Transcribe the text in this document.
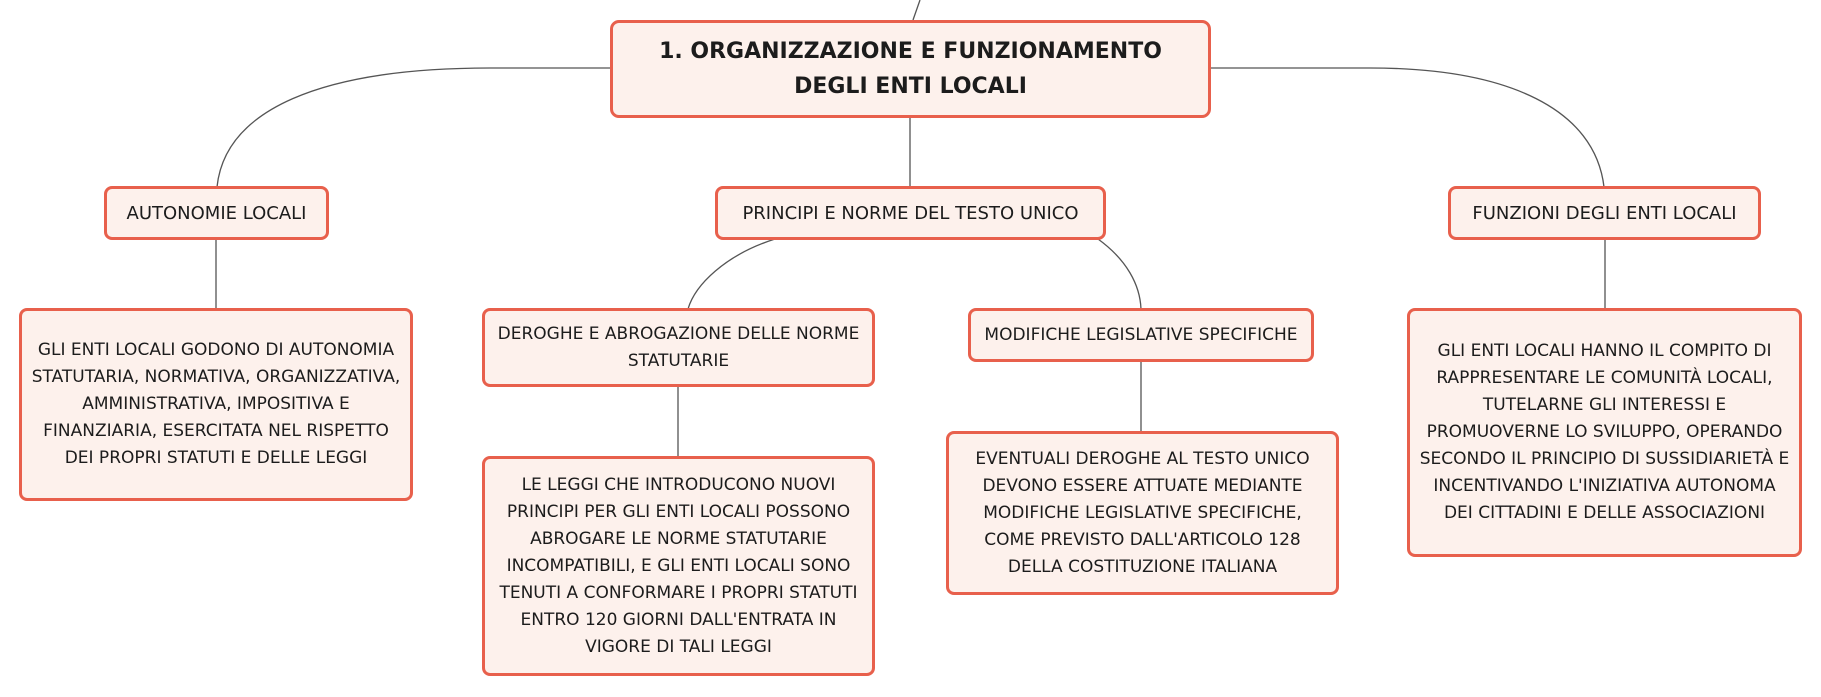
1. ORGANIZZAZIONE E FUNZIONAMENTO DEGLI ENTI LOCALI
AUTONOMIE LOCALI	PRINCIPI E NORME DEL TESTO UNICO	FUNZIONI DEGLI ENTI LOCALI
GLI ENTI LOCALI GODONO DI AUTONOMIA STATUTARIA, NORMATIVA, ORGANIZZATIVA, AMMINISTRATIVA, IMPOSITIVA E FINANZIARIA, ESERCITATA NEL RISPETTO DEI PROPRI STATUTI E DELLE LEGGI
DEROGHE E ABROGAZIONE DELLE NORME STATUTARIE
MODIFICHE LEGISLATIVE SPECIFICHE
LE LEGGI CHE INTRODUCONO NUOVI PRINCIPI PER GLI ENTI LOCALI POSSONO ABROGARE LE NORME STATUTARIE INCOMPATIBILI, E GLI ENTI LOCALI SONO TENUTI A CONFORMARE I PROPRI STATUTI ENTRO 120 GIORNI DALL'ENTRATA IN VIGORE DI TALI LEGGI
EVENTUALI DEROGHE AL TESTO UNICO DEVONO ESSERE ATTUATE MEDIANTE MODIFICHE LEGISLATIVE SPECIFICHE, COME PREVISTO DALL'ARTICOLO 128 DELLA COSTITUZIONE ITALIANA
GLI ENTI LOCALI HANNO IL COMPITO DI RAPPRESENTARE LE COMUNITÀ LOCALI, TUTELARNE GLI INTERESSI E PROMUOVERNE LO SVILUPPO, OPERANDO SECONDO IL PRINCIPIO DI SUSSIDIARIETÀ E INCENTIVANDO L'INIZIATIVA AUTONOMA DEI CITTADINI E DELLE ASSOCIAZIONI
